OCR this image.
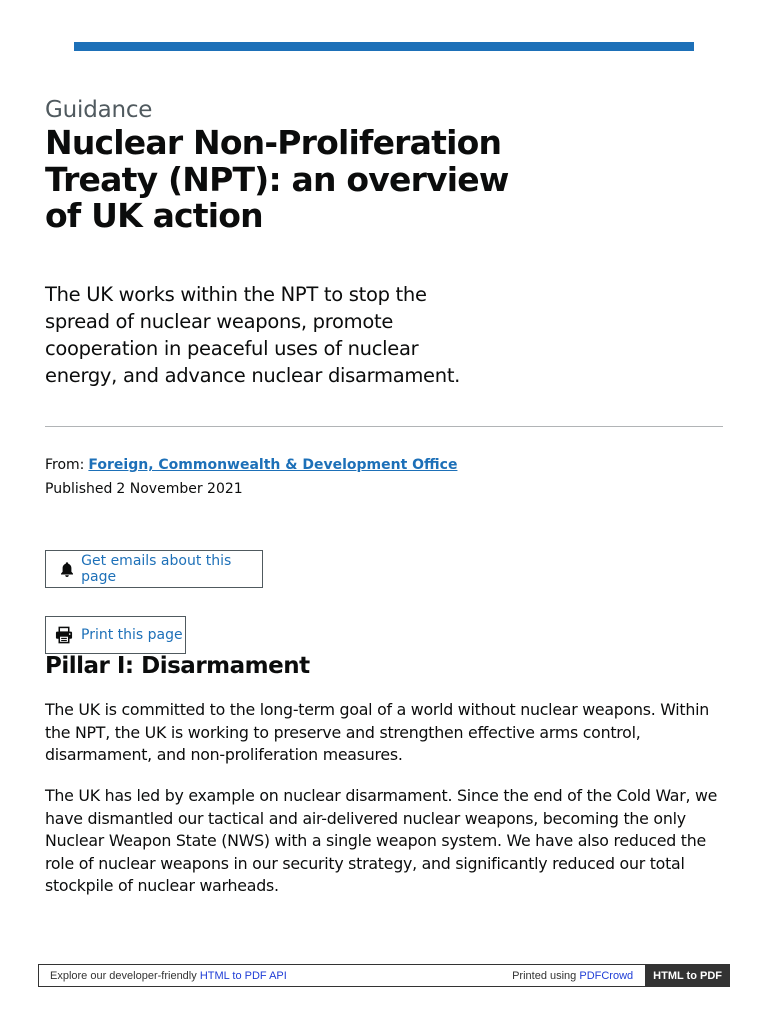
Guidance
Nuclear Non-Proliferation Treaty (NPT): an overview of UK action

The UK works within the NPT to stop the spread of nuclear weapons, promote cooperation in peaceful uses of nuclear energy, and advance nuclear disarmament.

From: Foreign, Commonwealth & Development Office
Published 2 November 2021
Get emails about this page
Print this page
Pillar I: Disarmament

The UK is committed to the long-term goal of a world without nuclear weapons. Within the NPT, the UK is working to preserve and strengthen effective arms control, disarmament, and non-proliferation measures.

The UK has led by example on nuclear disarmament. Since the end of the Cold War, we have dismantled our tactical and air-delivered nuclear weapons, becoming the only Nuclear Weapon State (NWS) with a single weapon system. We have also reduced the role of nuclear weapons in our security strategy, and significantly reduced our total stockpile of nuclear warheads.

Explore our developer-friendly HTML to PDF API	Printed using PDFCrowd	HTML to PDF
